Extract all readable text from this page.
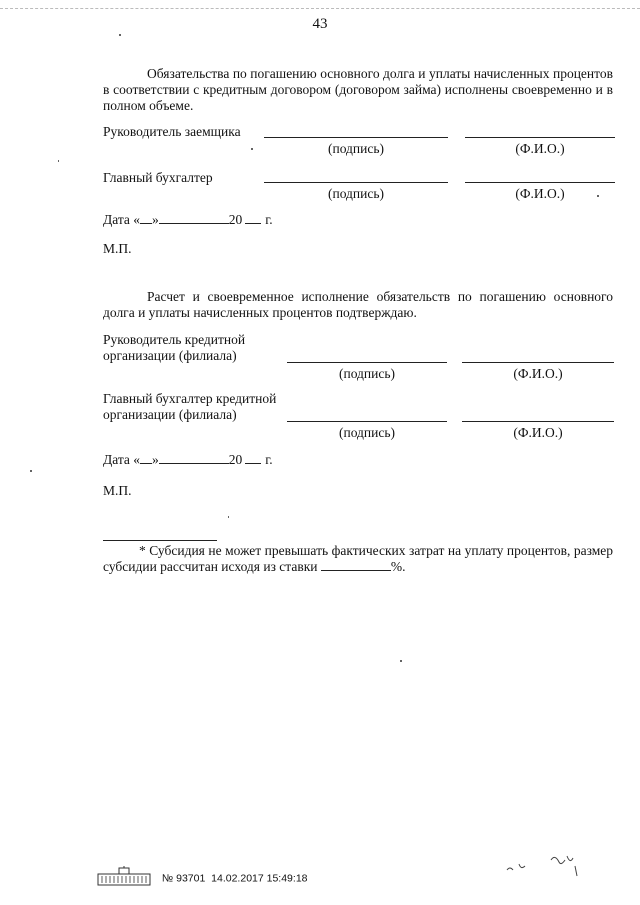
43
Обязательства по погашению основного долга и уплаты начисленных процентов в соответствии с кредитным договором (договором займа) исполнены своевременно и в полном объеме.
Руководитель заемщика
(подпись)	(Ф.И.О.)
Главный бухгалтер
(подпись)	(Ф.И.О.)
Дата « »	20 г.
М.П.
Расчет и своевременное исполнение обязательств по погашению основного долга и уплаты начисленных процентов подтверждаю.
Руководитель кредитной
организации (филиала)
(подпись)	(Ф.И.О.)
Главный бухгалтер кредитной
организации (филиала)
(подпись)	(Ф.И.О.)
Дата « »	20 г.
М.П.
* Субсидия не может превышать фактических затрат на уплату процентов, размер субсидии рассчитан исходя из ставки	%.
№ 93701 14.02.2017 15:49:18
